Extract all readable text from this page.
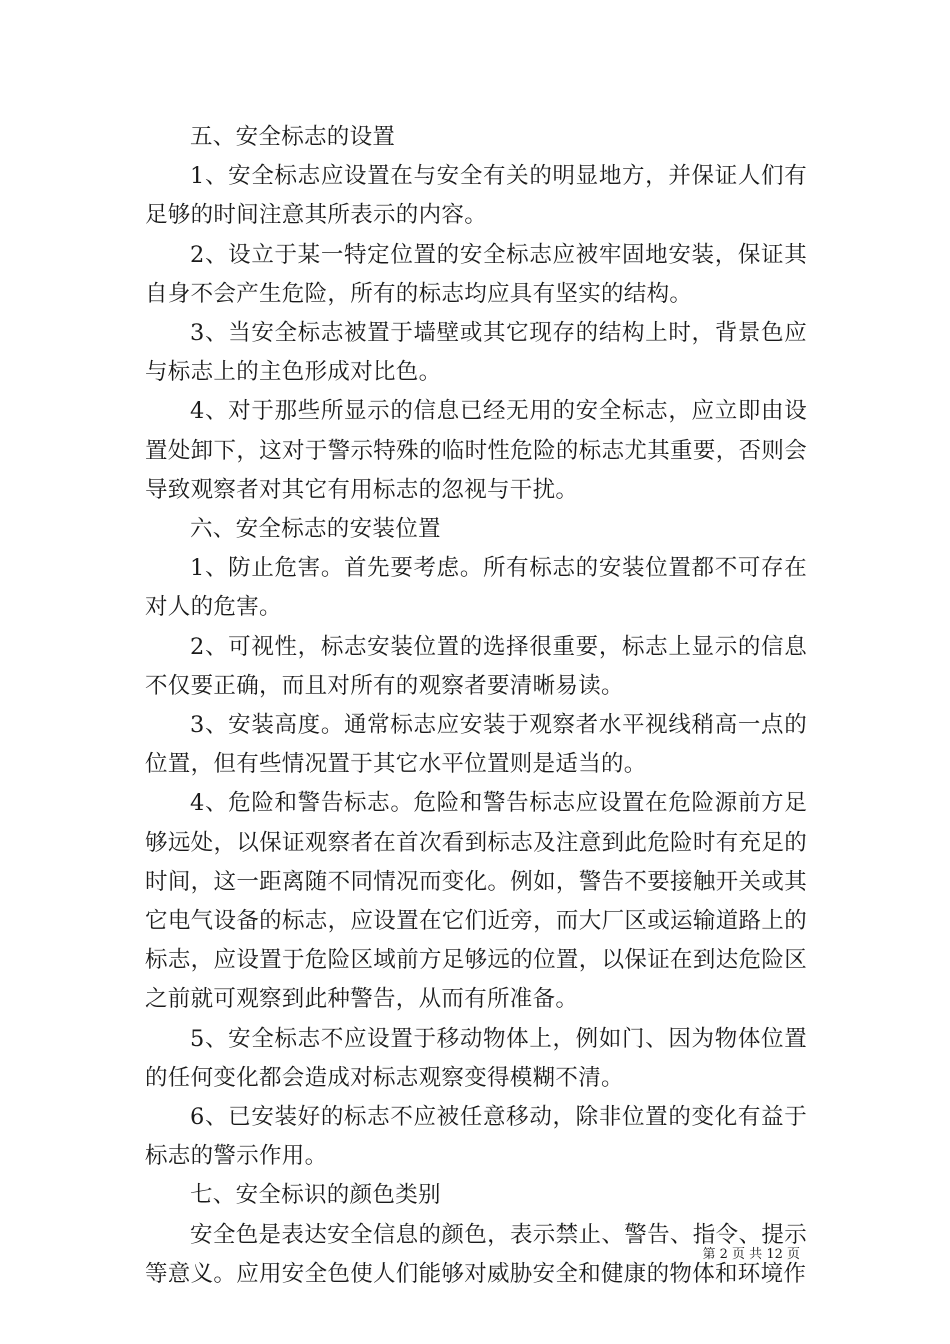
五、安全标志的设置

1、安全标志应设置在与安全有关的明显地方，并保证人们有足够的时间注意其所表示的内容。

2、设立于某一特定位置的安全标志应被牢固地安装，保证其自身不会产生危险，所有的标志均应具有坚实的结构。

3、当安全标志被置于墙壁或其它现存的结构上时，背景色应与标志上的主色形成对比色。

4、对于那些所显示的信息已经无用的安全标志，应立即由设置处卸下，这对于警示特殊的临时性危险的标志尤其重要，否则会导致观察者对其它有用标志的忽视与干扰。

六、安全标志的安装位置

1、防止危害。首先要考虑。所有标志的安装位置都不可存在对人的危害。

2、可视性，标志安装位置的选择很重要，标志上显示的信息不仅要正确，而且对所有的观察者要清晰易读。

3、安装高度。通常标志应安装于观察者水平视线稍高一点的位置，但有些情况置于其它水平位置则是适当的。

4、危险和警告标志。危险和警告标志应设置在危险源前方足够远处，以保证观察者在首次看到标志及注意到此危险时有充足的时间，这一距离随不同情况而变化。例如，警告不要接触开关或其它电气设备的标志，应设置在它们近旁，而大厂区或运输道路上的标志，应设置于危险区域前方足够远的位置，以保证在到达危险区之前就可观察到此种警告，从而有所准备。

5、安全标志不应设置于移动物体上，例如门、因为物体位置的任何变化都会造成对标志观察变得模糊不清。

6、已安装好的标志不应被任意移动，除非位置的变化有益于标志的警示作用。

七、安全标识的颜色类别

安全色是表达安全信息的颜色，表示禁止、警告、指令、提示等意义。应用安全色使人们能够对威胁安全和健康的物体和环境作

第 2 页 共 12 页
